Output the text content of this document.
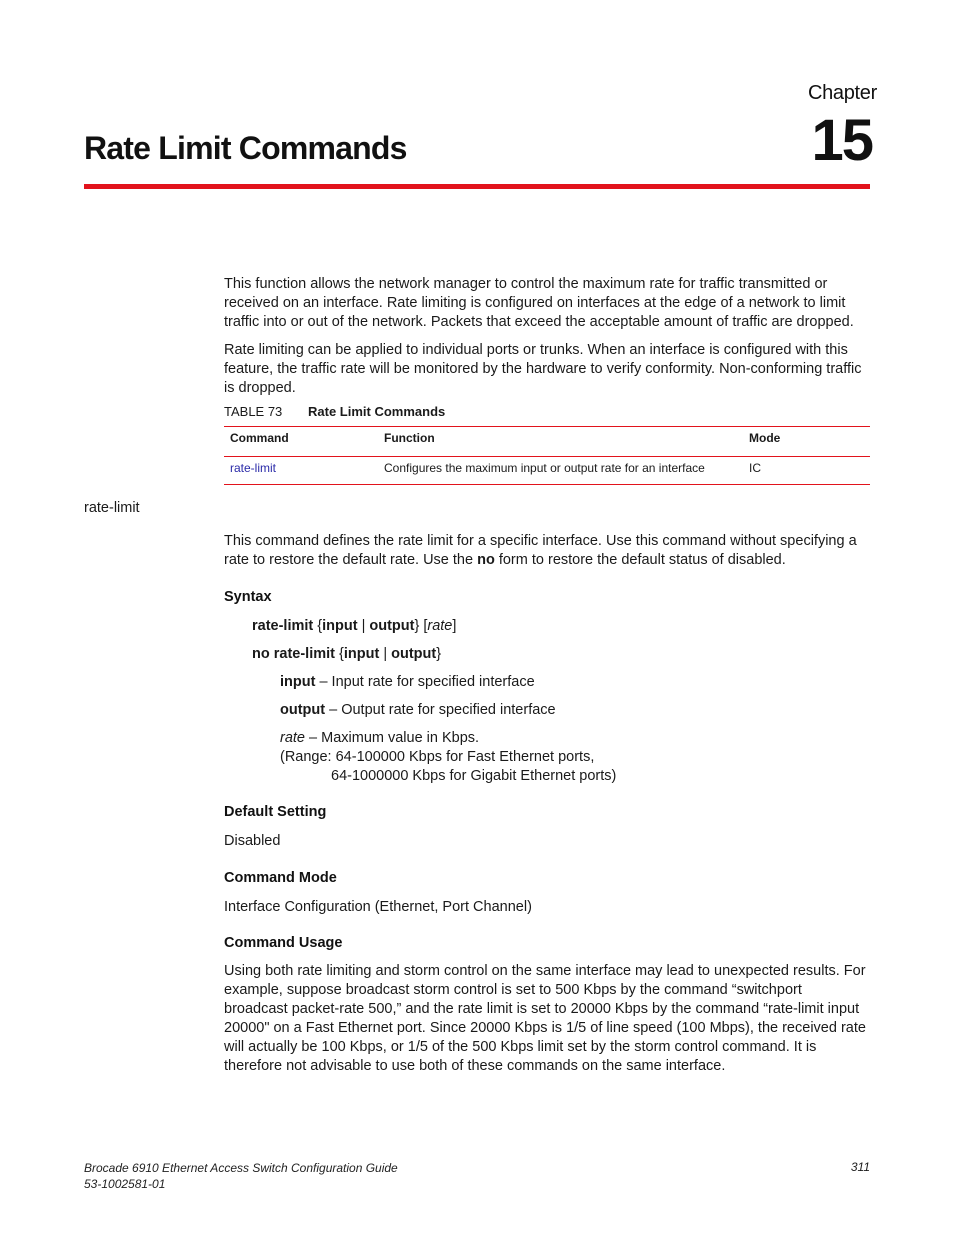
Chapter
15
Rate Limit Commands
This function allows the network manager to control the maximum rate for traffic transmitted or received on an interface. Rate limiting is configured on interfaces at the edge of a network to limit traffic into or out of the network. Packets that exceed the acceptable amount of traffic are dropped.
Rate limiting can be applied to individual ports or trunks. When an interface is configured with this feature, the traffic rate will be monitored by the hardware to verify conformity. Non-conforming traffic is dropped.
TABLE 73 Rate Limit Commands
Command	Function	Mode
rate-limit	Configures the maximum input or output rate for an interface	IC
rate-limit
This command defines the rate limit for a specific interface. Use this command without specifying a rate to restore the default rate. Use the no form to restore the default status of disabled.
Syntax
rate-limit {input | output} [rate]
no rate-limit {input | output}
input – Input rate for specified interface
output – Output rate for specified interface
rate – Maximum value in Kbps.
(Range: 64-100000 Kbps for Fast Ethernet ports,
64-1000000 Kbps for Gigabit Ethernet ports)
Default Setting
Disabled
Command Mode
Interface Configuration (Ethernet, Port Channel)
Command Usage
Using both rate limiting and storm control on the same interface may lead to unexpected results. For example, suppose broadcast storm control is set to 500 Kbps by the command “switchport broadcast packet-rate 500,” and the rate limit is set to 20000 Kbps by the command “rate-limit input 20000" on a Fast Ethernet port. Since 20000 Kbps is 1/5 of line speed (100 Mbps), the received rate will actually be 100 Kbps, or 1/5 of the 500 Kbps limit set by the storm control command. It is therefore not advisable to use both of these commands on the same interface.
Brocade 6910 Ethernet Access Switch Configuration Guide
53-1002581-01
311
